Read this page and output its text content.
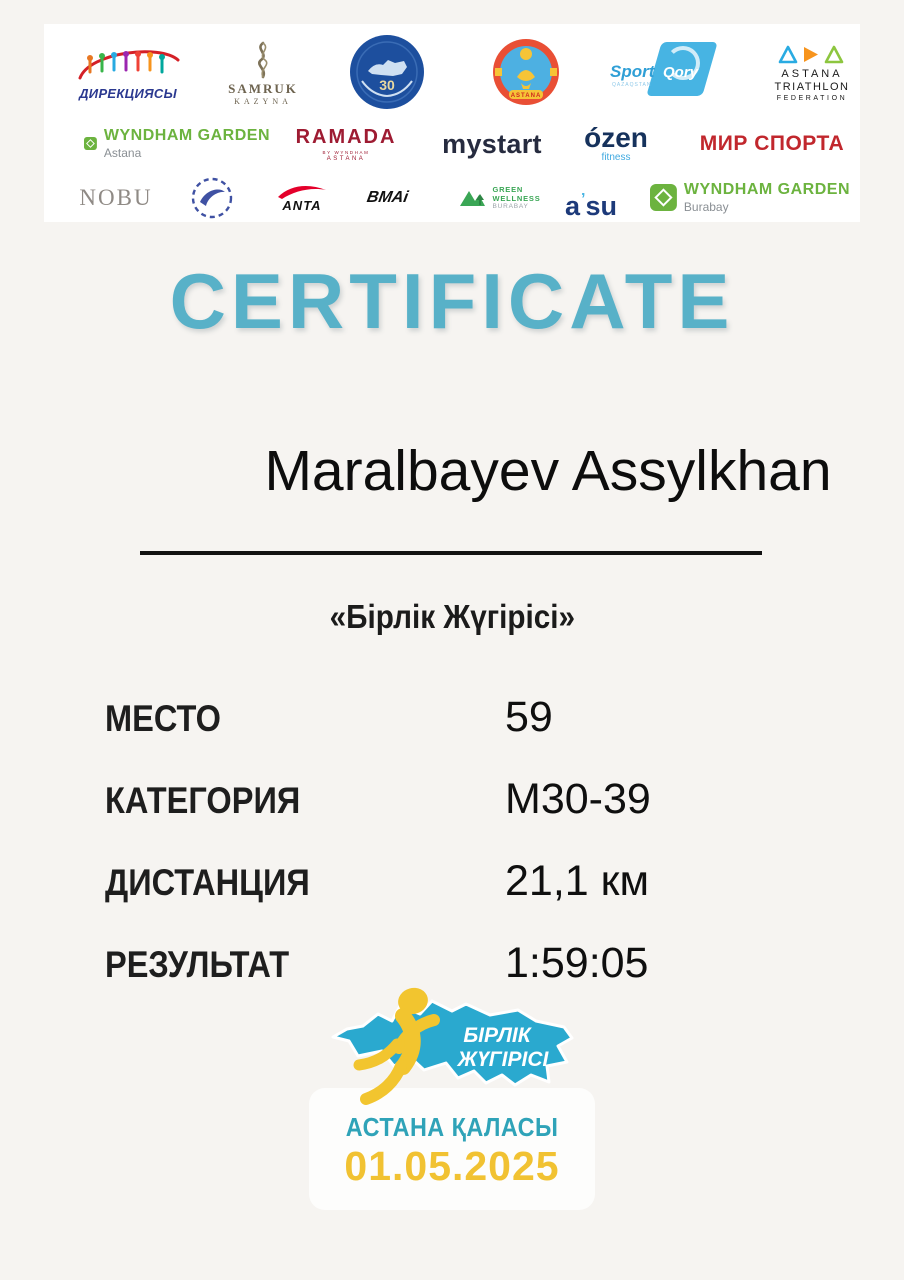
ДИРЕКЦИЯСЫ	SAMRUK
KAZYNA
30
ASTANA
Sport Qory
QAZAQSTAN
ASTANA
TRIATHLON
FEDERATION
WYNDHAM GARDEN
Astana
RAMADA
BY WYNDHAM
ASTANA
mystart ózen
fitness
МИР СПОРТА
NOBU	ANTA	BMAi	GREEN
WELLNESS
BURABAY a ʼ su
WYNDHAM GARDEN
Burabay
CERTIFICATE
Maralbayev Assylkhan
«Бірлік Жүгірісі»
МЕСТО	59
КАТЕГОРИЯ	M30-39
ДИСТАНЦИЯ	21,1 км
РЕЗУЛЬТАТ	1:59:05
АСТАНА ҚАЛАСЫ
01.05.2025
БІРЛІК
ЖҮГІРІСІ
